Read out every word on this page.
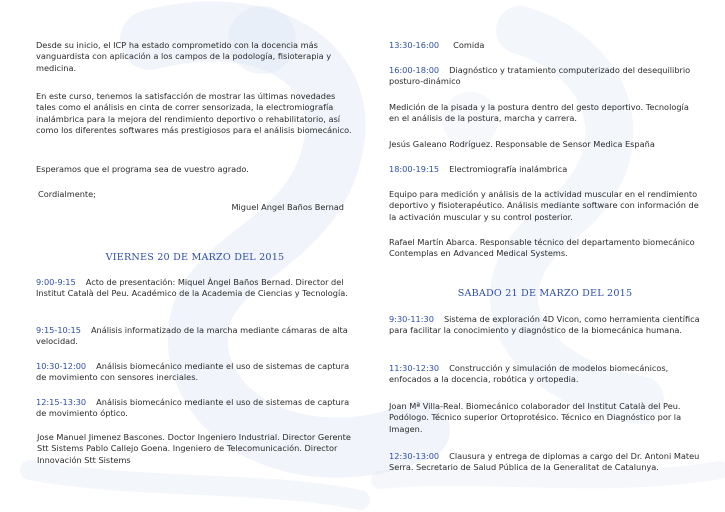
Desde su inicio, el ICP ha estado comprometido con la docencia más vanguardista con aplicación a los campos de la podología, fisioterapia y medicina.

En este curso, tenemos la satisfacción de mostrar las últimas novedades tales como el análisis en cinta de correr sensorizada, la electromiografía inalámbrica para la mejora del rendimiento deportivo o rehabilitatorio, así como los diferentes softwares más prestigiosos para el análisis biomecánico.

Esperamos que el programa sea de vuestro agrado.

Cordialmente;

Miguel Angel Baños Bernad

VIERNES 20 DE MARZO DEL 2015

9:00-9:15 Acto de presentación: Miquel Àngel Baños Bernad. Director del Institut Català del Peu. Académico de la Academia de Ciencias y Tecnología.

9:15-10:15 Análisis informatizado de la marcha mediante cámaras de alta velocidad.

10:30-12:00 Análisis biomecánico mediante el uso de sistemas de captura de movimiento con sensores inerciales.

12:15-13:30 Análisis biomecánico mediante el uso de sistemas de captura de movimiento óptico.

Jose Manuel Jimenez Bascones. Doctor Ingeniero Industrial. Director Gerente Stt Sistems Pablo Callejo Goena. Ingeniero de Telecomunicación. Director Innovación Stt Sistems

13:30-16:00 Comida

16:00-18:00 Diagnóstico y tratamiento computerizado del desequilibrio posturo-dinámico

Medición de la pisada y la postura dentro del gesto deportivo. Tecnología en el análisis de la postura, marcha y carrera.

Jesús Galeano Rodríguez. Responsable de Sensor Medica España

18:00-19:15 Electromiografía inalámbrica

Equipo para medición y análisis de la actividad muscular en el rendimiento deportivo y fisioterapéutico. Análisis mediante software con información de la activación muscular y su control posterior.

Rafael Martín Abarca. Responsable técnico del departamento biomecánico Contemplas en Advanced Medical Systems.

SABADO 21 DE MARZO DEL 2015

9:30-11:30 Sistema de exploración 4D Vicon, como herramienta científica para facilitar la conocimiento y diagnóstico de la biomecánica humana.

11:30-12:30 Construcción y simulación de modelos biomecánicos, enfocados a la docencia, robótica y ortopedia.

Joan Mª Villa-Real. Biomecánico colaborador del Institut Català del Peu. Podólogo. Técnico superior Ortoprotésico. Técnico en Diagnóstico por la Imagen.

12:30-13:00 Clausura y entrega de diplomas a cargo del Dr. Antoni Mateu Serra. Secretario de Salud Pública de la Generalitat de Catalunya.
